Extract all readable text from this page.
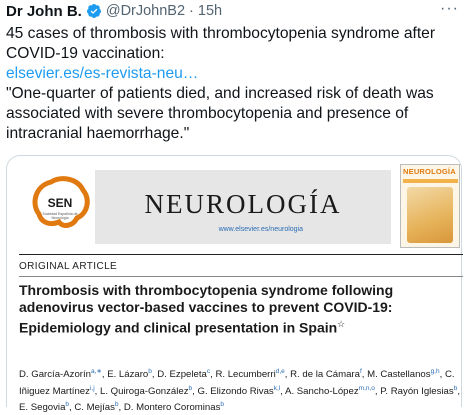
Dr John B. @DrJohnB2 · 15h	···

45 cases of thrombosis with thrombocytopenia syndrome after COVID-19 vaccination:

elsevier.es/es-revista-neu…

"One-quarter of patients died, and increased risk of death was associated with severe thrombocytopenia and presence of intracranial haemorrhage."

SEN
Sociedad Española de Neurología	NEUROLOGÍA
www.elsevier.es/neurologia
NEUROLOGÍA
ORIGINAL ARTICLE
Thrombosis with thrombocytopenia syndrome following adenovirus vector-based vaccines to prevent COVID-19: Epidemiology and clinical presentation in Spain☆
D. García-Azorín$^{a,∗}$, E. Lázaro$^b$, D. Ezpeleta$^c$, R. Lecumberri$^{d,e}$, R. de la Cámara$^f$, M. Castellanos$^{g,h}$, C. Iñiguez Martínez$^{i,j}$, L. Quiroga-González$^b$, G. Elizondo Rivas$^{k,l}$, A. Sancho-López$^{m,n,o}$, P. Rayón Iglesias$^b$, E. Segovia$^b$, C. Mejías$^b$, D. Montero Corominas$^b$
